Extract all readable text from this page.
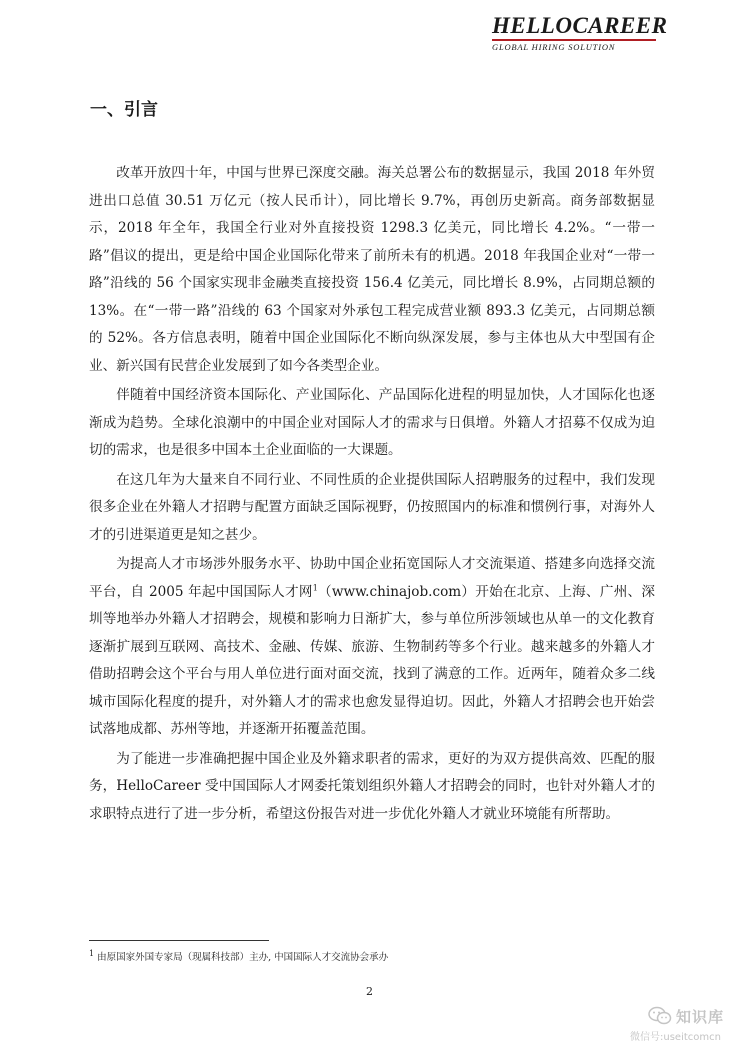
HELLOCAREER
GLOBAL HIRING SOLUTION
一、引言

改革开放四十年，中国与世界已深度交融。海关总署公布的数据显示，我国 2018 年外贸进出口总值 30.51 万亿元（按人民币计），同比增长 9.7%，再创历史新高。商务部数据显示，2018 年全年，我国全行业对外直接投资 1298.3 亿美元，同比增长 4.2%。“一带一路”倡议的提出，更是给中国企业国际化带来了前所未有的机遇。2018 年我国企业对“一带一路”沿线的 56 个国家实现非金融类直接投资 156.4 亿美元，同比增长 8.9%，占同期总额的 13%。在“一带一路”沿线的 63 个国家对外承包工程完成营业额 893.3 亿美元，占同期总额的 52%。各方信息表明，随着中国企业国际化不断向纵深发展，参与主体也从大中型国有企业、新兴国有民营企业发展到了如今各类型企业。

伴随着中国经济资本国际化、产业国际化、产品国际化进程的明显加快，人才国际化也逐渐成为趋势。全球化浪潮中的中国企业对国际人才的需求与日俱增。外籍人才招募不仅成为迫切的需求，也是很多中国本土企业面临的一大课题。

在这几年为大量来自不同行业、不同性质的企业提供国际人招聘服务的过程中，我们发现很多企业在外籍人才招聘与配置方面缺乏国际视野，仍按照国内的标准和惯例行事，对海外人才的引进渠道更是知之甚少。

为提高人才市场涉外服务水平、协助中国企业拓宽国际人才交流渠道、搭建多向选择交流平台，自 2005 年起中国国际人才网$^1$（www.chinajob.com）开始在北京、上海、广州、深圳等地举办外籍人才招聘会，规模和影响力日渐扩大，参与单位所涉领域也从单一的文化教育逐渐扩展到互联网、高技术、金融、传媒、旅游、生物制药等多个行业。越来越多的外籍人才借助招聘会这个平台与用人单位进行面对面交流，找到了满意的工作。近两年，随着众多二线城市国际化程度的提升，对外籍人才的需求也愈发显得迫切。因此，外籍人才招聘会也开始尝试落地成都、苏州等地，并逐渐开拓覆盖范围。

为了能进一步准确把握中国企业及外籍求职者的需求，更好的为双方提供高效、匹配的服务，HelloCareer 受中国国际人才网委托策划组织外籍人才招聘会的同时，也针对外籍人才的求职特点进行了进一步分析，希望这份报告对进一步优化外籍人才就业环境能有所帮助。

$^1$ 由原国家外国专家局（现属科技部）主办, 中国国际人才交流协会承办
2
知识库
微信号:useitcomcn
